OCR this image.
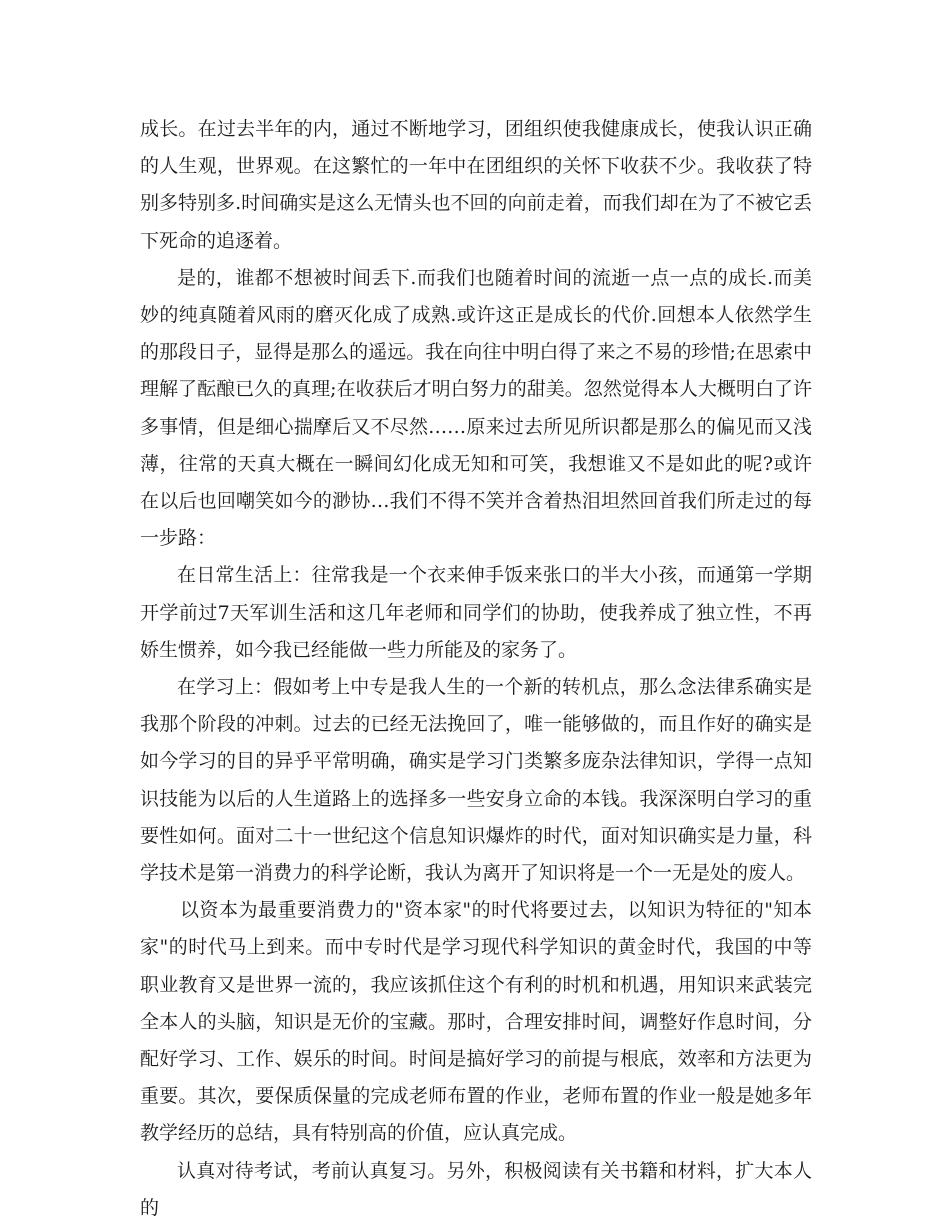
成长。在过去半年的内，通过不断地学习，团组织使我健康成长，使我认识正确的人生观，世界观。在这繁忙的一年中在团组织的关怀下收获不少。我收获了特别多特别多.时间确实是这么无情头也不回的向前走着，而我们却在为了不被它丢下死命的追逐着。

是的，谁都不想被时间丢下.而我们也随着时间的流逝一点一点的成长.而美妙的纯真随着风雨的磨灭化成了成熟.或许这正是成长的代价.回想本人依然学生的那段日子，显得是那么的遥远。我在向往中明白得了来之不易的珍惜;在思索中理解了酝酿已久的真理;在收获后才明白努力的甜美。忽然觉得本人大概明白了许多事情，但是细心揣摩后又不尽然……原来过去所见所识都是那么的偏见而又浅薄，往常的天真大概在一瞬间幻化成无知和可笑，我想谁又不是如此的呢?或许在以后也回嘲笑如今的渺协…我们不得不笑并含着热泪坦然回首我们所走过的每一步路：

在日常生活上：往常我是一个衣来伸手饭来张口的半大小孩，而通第一学期开学前过7天军训生活和这几年老师和同学们的协助，使我养成了独立性，不再娇生惯养，如今我已经能做一些力所能及的家务了。

在学习上：假如考上中专是我人生的一个新的转机点，那么念法律系确实是我那个阶段的冲刺。过去的已经无法挽回了，唯一能够做的，而且作好的确实是如今学习的目的异乎平常明确，确实是学习门类繁多庞杂法律知识，学得一点知识技能为以后的人生道路上的选择多一些安身立命的本钱。我深深明白学习的重要性如何。面对二十一世纪这个信息知识爆炸的时代，面对知识确实是力量，科学技术是第一消费力的科学论断，我认为离开了知识将是一个一无是处的废人。

以资本为最重要消费力的"资本家"的时代将要过去，以知识为特征的"知本家"的时代马上到来。而中专时代是学习现代科学知识的黄金时代，我国的中等职业教育又是世界一流的，我应该抓住这个有利的时机和机遇，用知识来武装完全本人的头脑，知识是无价的宝藏。那时，合理安排时间，调整好作息时间，分配好学习、工作、娱乐的时间。时间是搞好学习的前提与根底，效率和方法更为重要。其次，要保质保量的完成老师布置的作业，老师布置的作业一般是她多年教学经历的总结，具有特别高的价值，应认真完成。

认真对待考试，考前认真复习。另外，积极阅读有关书籍和材料，扩大本人的
